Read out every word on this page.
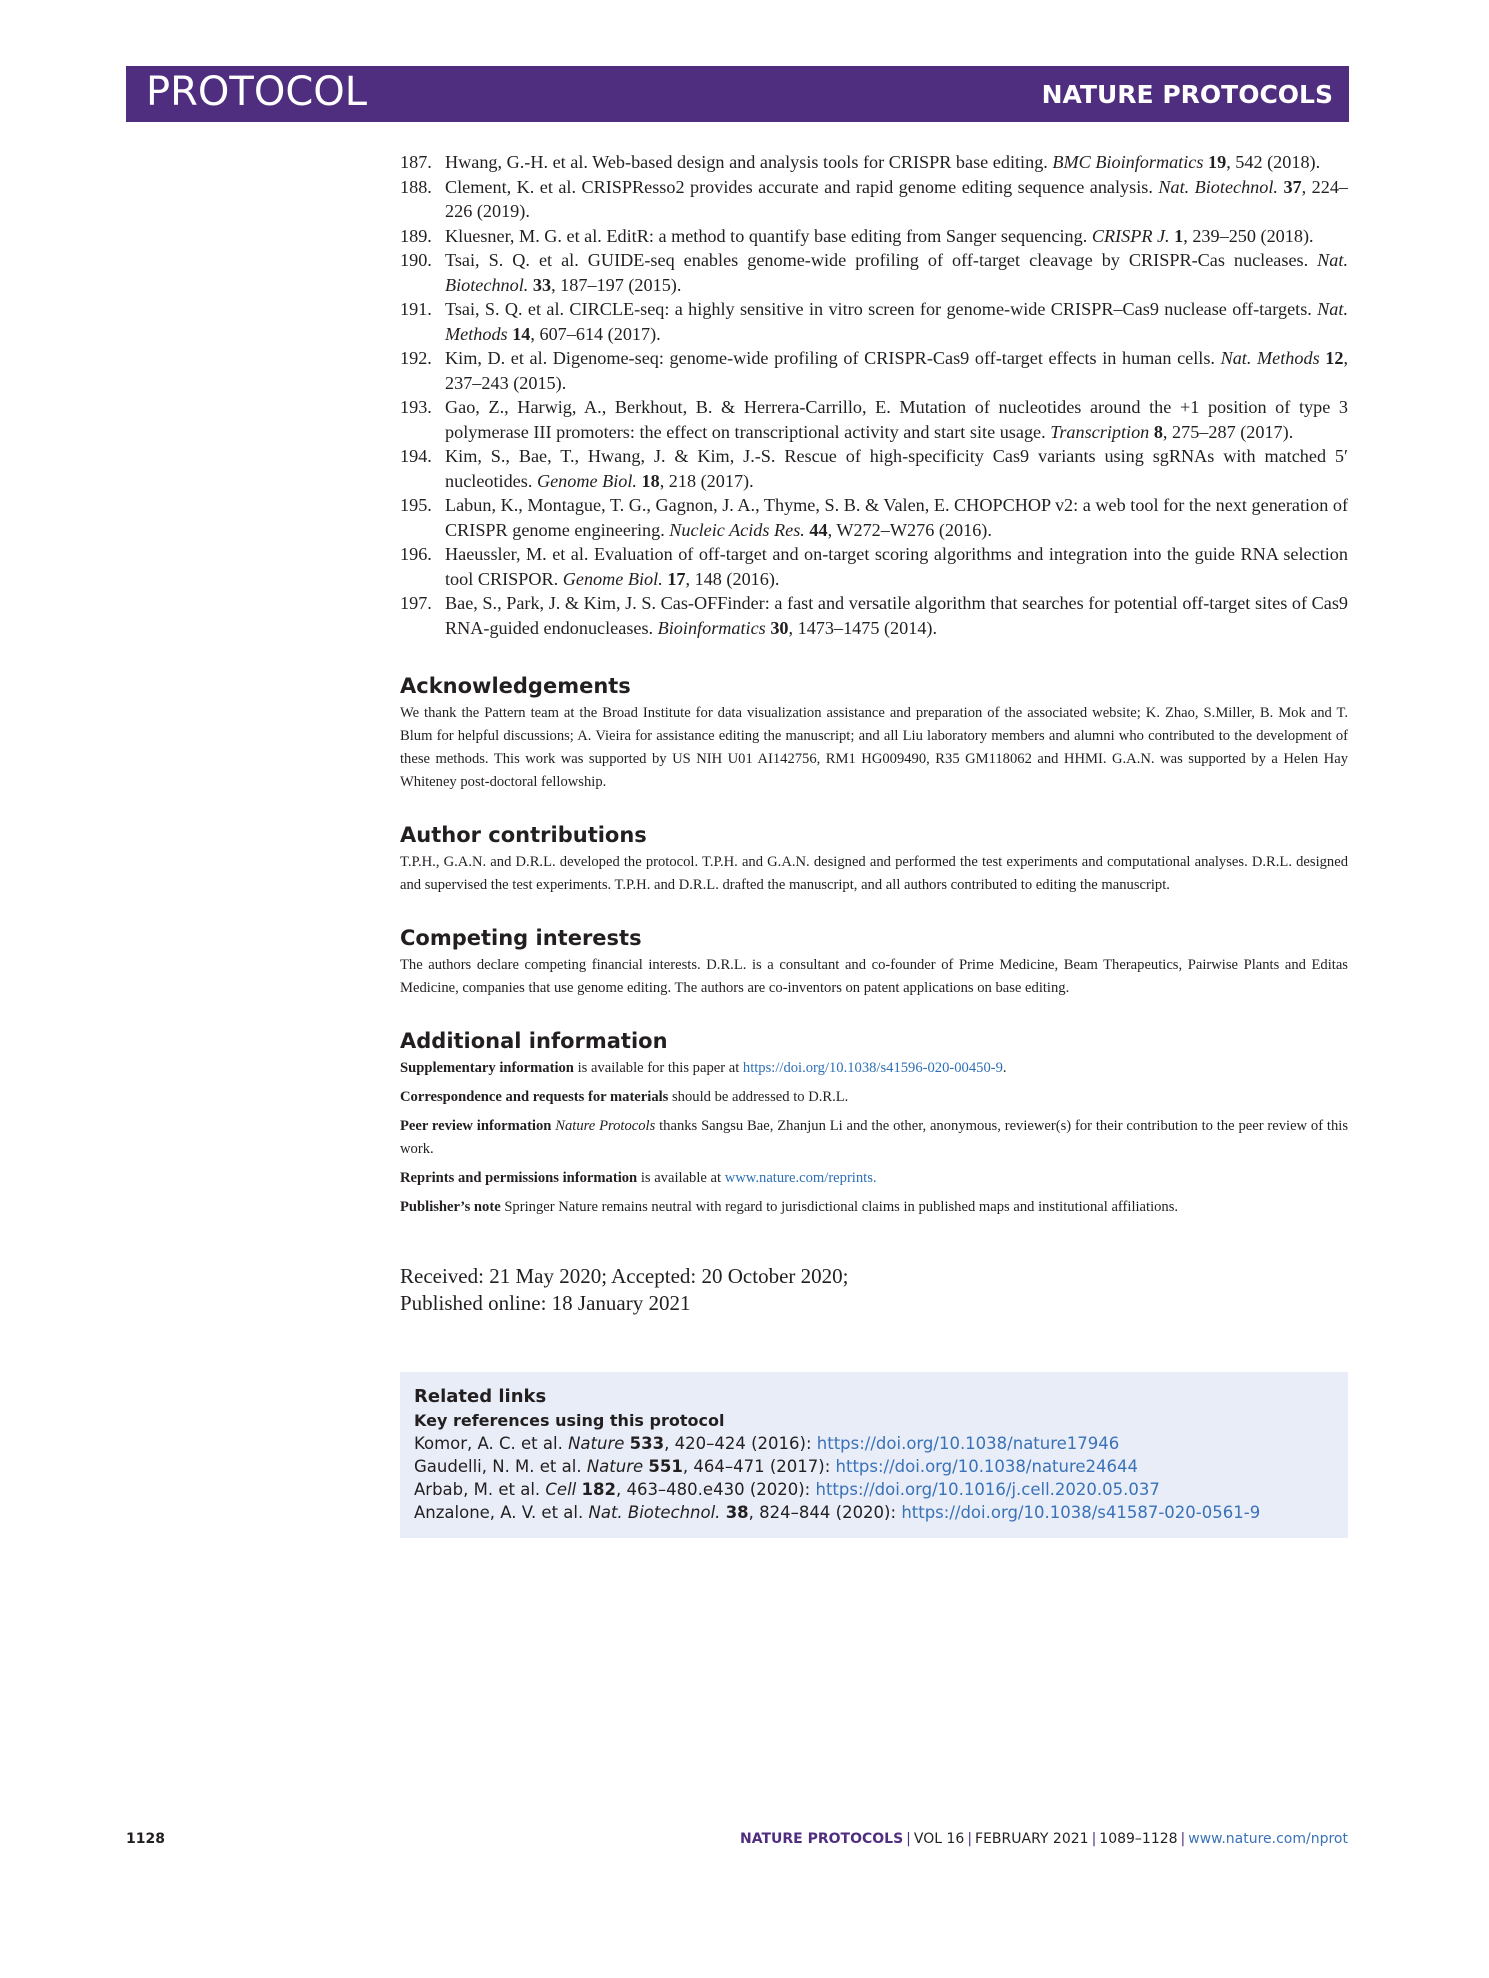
PROTOCOL	NATURE PROTOCOLS
187. Hwang, G.-H. et al. Web-based design and analysis tools for CRISPR base editing. BMC Bioinformatics 19, 542 (2018).
188. Clement, K. et al. CRISPResso2 provides accurate and rapid genome editing sequence analysis. Nat. Biotechnol. 37, 224–226 (2019).
189. Kluesner, M. G. et al. EditR: a method to quantify base editing from Sanger sequencing. CRISPR J. 1, 239–250 (2018).
190. Tsai, S. Q. et al. GUIDE-seq enables genome-wide profiling of off-target cleavage by CRISPR-Cas nucleases. Nat. Biotechnol. 33, 187–197 (2015).
191. Tsai, S. Q. et al. CIRCLE-seq: a highly sensitive in vitro screen for genome-wide CRISPR–Cas9 nuclease off-targets. Nat. Methods 14, 607–614 (2017).
192. Kim, D. et al. Digenome-seq: genome-wide profiling of CRISPR-Cas9 off-target effects in human cells. Nat. Methods 12, 237–243 (2015).
193. Gao, Z., Harwig, A., Berkhout, B. & Herrera-Carrillo, E. Mutation of nucleotides around the +1 position of type 3 polymerase III promoters: the effect on transcriptional activity and start site usage. Transcription 8, 275–287 (2017).
194. Kim, S., Bae, T., Hwang, J. & Kim, J.-S. Rescue of high-specificity Cas9 variants using sgRNAs with matched 5′ nucleotides. Genome Biol. 18, 218 (2017).
195. Labun, K., Montague, T. G., Gagnon, J. A., Thyme, S. B. & Valen, E. CHOPCHOP v2: a web tool for the next generation of CRISPR genome engineering. Nucleic Acids Res. 44, W272–W276 (2016).
196. Haeussler, M. et al. Evaluation of off-target and on-target scoring algorithms and integration into the guide RNA selection tool CRISPOR. Genome Biol. 17, 148 (2016).
197. Bae, S., Park, J. & Kim, J. S. Cas-OFFinder: a fast and versatile algorithm that searches for potential off-target sites of Cas9 RNA-guided endonucleases. Bioinformatics 30, 1473–1475 (2014).
Acknowledgements

We thank the Pattern team at the Broad Institute for data visualization assistance and preparation of the associated website; K. Zhao, S.Miller, B. Mok and T. Blum for helpful discussions; A. Vieira for assistance editing the manuscript; and all Liu laboratory members and alumni who contributed to the development of these methods. This work was supported by US NIH U01 AI142756, RM1 HG009490, R35 GM118062 and HHMI. G.A.N. was supported by a Helen Hay Whiteney post-doctoral fellowship.

Author contributions

T.P.H., G.A.N. and D.R.L. developed the protocol. T.P.H. and G.A.N. designed and performed the test experiments and computational analyses. D.R.L. designed and supervised the test experiments. T.P.H. and D.R.L. drafted the manuscript, and all authors contributed to editing the manuscript.

Competing interests

The authors declare competing financial interests. D.R.L. is a consultant and co-founder of Prime Medicine, Beam Therapeutics, Pairwise Plants and Editas Medicine, companies that use genome editing. The authors are co-inventors on patent applications on base editing.

Additional information

Supplementary information is available for this paper at https://doi.org/10.1038/s41596-020-00450-9.

Correspondence and requests for materials should be addressed to D.R.L.

Peer review information Nature Protocols thanks Sangsu Bae, Zhanjun Li and the other, anonymous, reviewer(s) for their contribution to the peer review of this work.

Reprints and permissions information is available at www.nature.com/reprints.

Publisher’s note Springer Nature remains neutral with regard to jurisdictional claims in published maps and institutional affiliations.

Received: 21 May 2020; Accepted: 20 October 2020;
Published online: 18 January 2021
Related links
Key references using this protocol
Komor, A. C. et al. Nature 533, 420–424 (2016): https://doi.org/10.1038/nature17946
Gaudelli, N. M. et al. Nature 551, 464–471 (2017): https://doi.org/10.1038/nature24644
Arbab, M. et al. Cell 182, 463–480.e430 (2020): https://doi.org/10.1016/j.cell.2020.05.037
Anzalone, A. V. et al. Nat. Biotechnol. 38, 824–844 (2020): https://doi.org/10.1038/s41587-020-0561-9
1128	NATURE PROTOCOLS | VOL 16 | FEBRUARY 2021 | 1089–1128 | www.nature.com/nprot
